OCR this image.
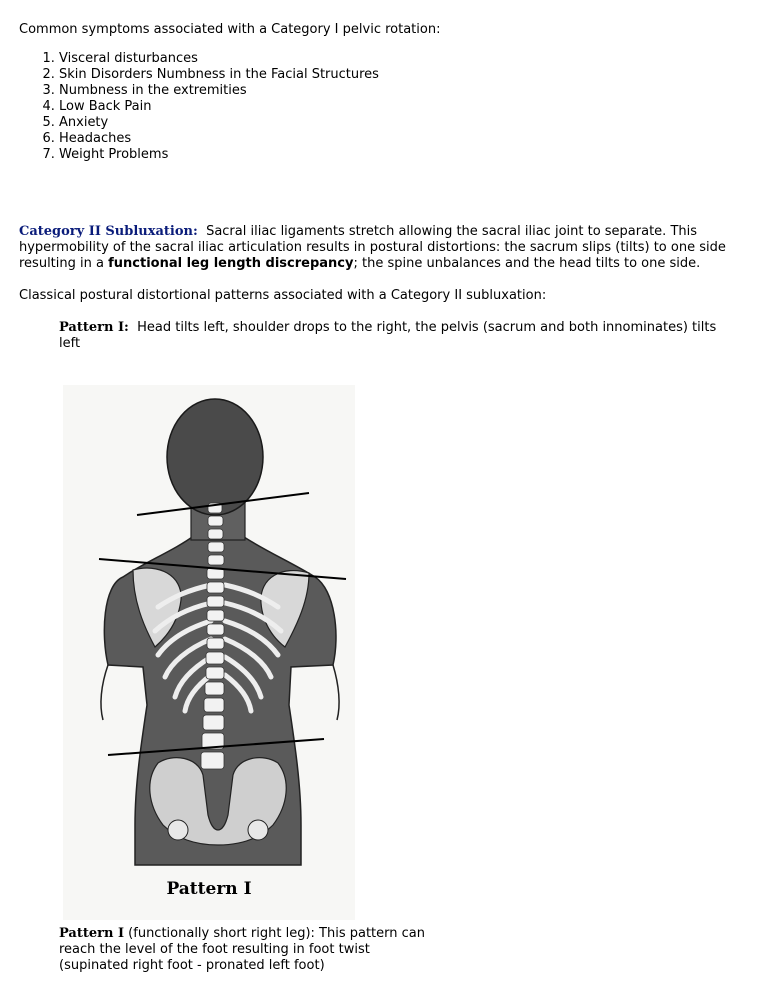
Common symptoms associated with a Category I pelvic rotation:
1. Visceral disturbances
2. Skin Disorders Numbness in the Facial Structures
3. Numbness in the extremities
4. Low Back Pain
5. Anxiety
6. Headaches
7. Weight Problems
Category II Subluxation: Sacral iliac ligaments stretch allowing the sacral iliac joint to separate. This hypermobility of the sacral iliac articulation results in postural distortions: the sacrum slips (tilts) to one side resulting in a functional leg length discrepancy; the spine unbalances and the head tilts to one side.
Classical postural distortional patterns associated with a Category II subluxation:
Pattern I: Head tilts left, shoulder drops to the right, the pelvis (sacrum and both innominates) tilts left
Pattern I
Pattern I (functionally short right leg): This pattern can reach the level of the foot resulting in foot twist (supinated right foot - pronated left foot)
